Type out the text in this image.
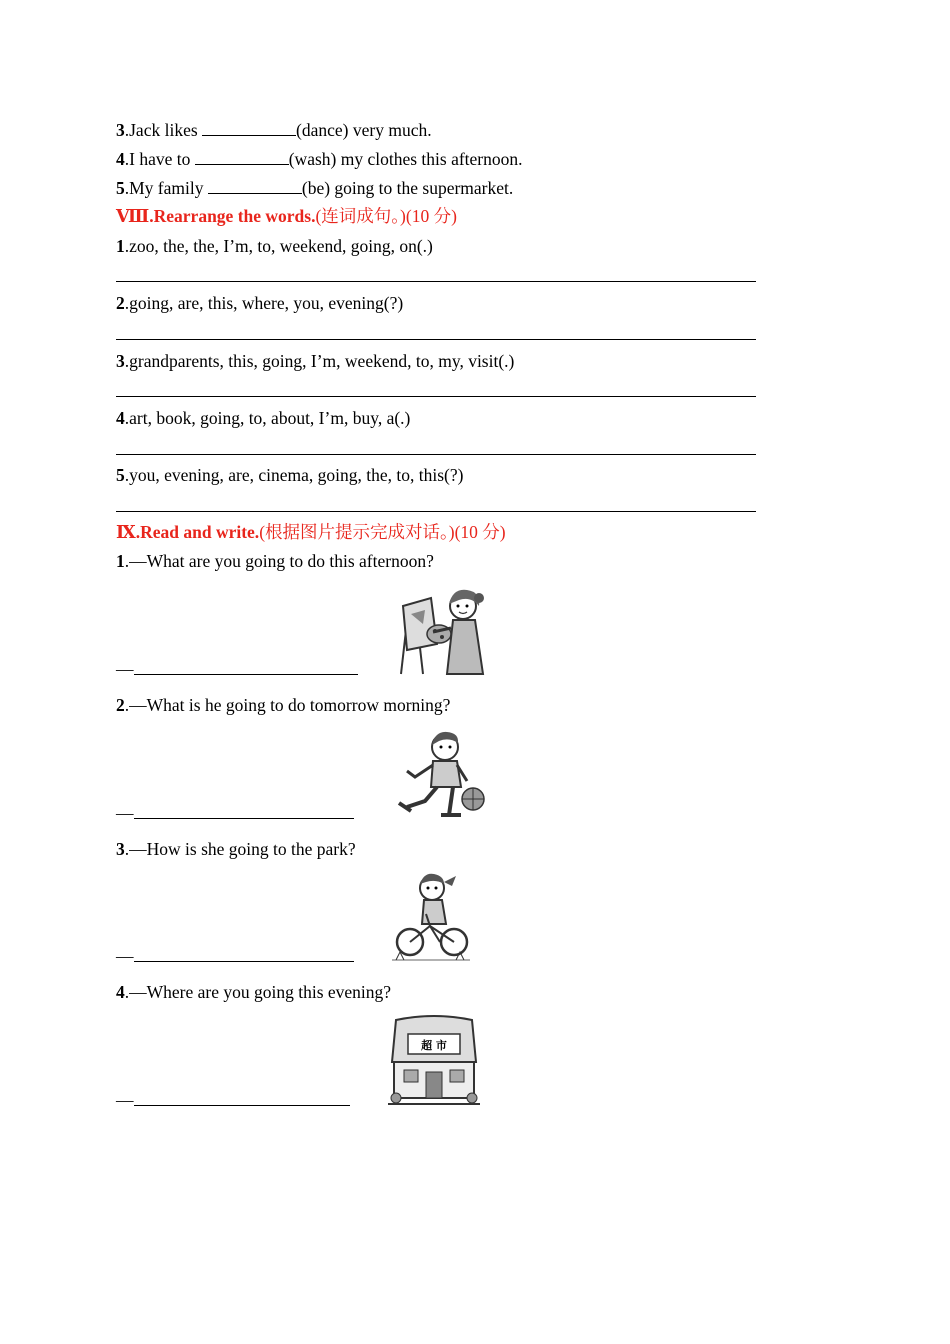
3.Jack likes	(dance) very much.
4.I have to	(wash) my clothes this afternoon.
5.My family	(be) going to the supermarket.
Ⅷ.Rearrange the words.(连词成句。)(10 分)
1.zoo, the, the, I’m, to, weekend, going, on(.)
2.going, are, this, where, you, evening(?)
3.grandparents, this, going, I’m, weekend, to, my, visit(.)
4.art, book, going, to, about, I’m, buy, a(.)
5.you, evening, are, cinema, going, the, to, this(?)
Ⅸ.Read and write.(根据图片提示完成对话。)(10 分)
1.—What are you going to do this afternoon?
—
2.—What is he going to do tomorrow morning?
—
3.—How is she going to the park?
—
4.—Where are you going this evening?
—
超 市
